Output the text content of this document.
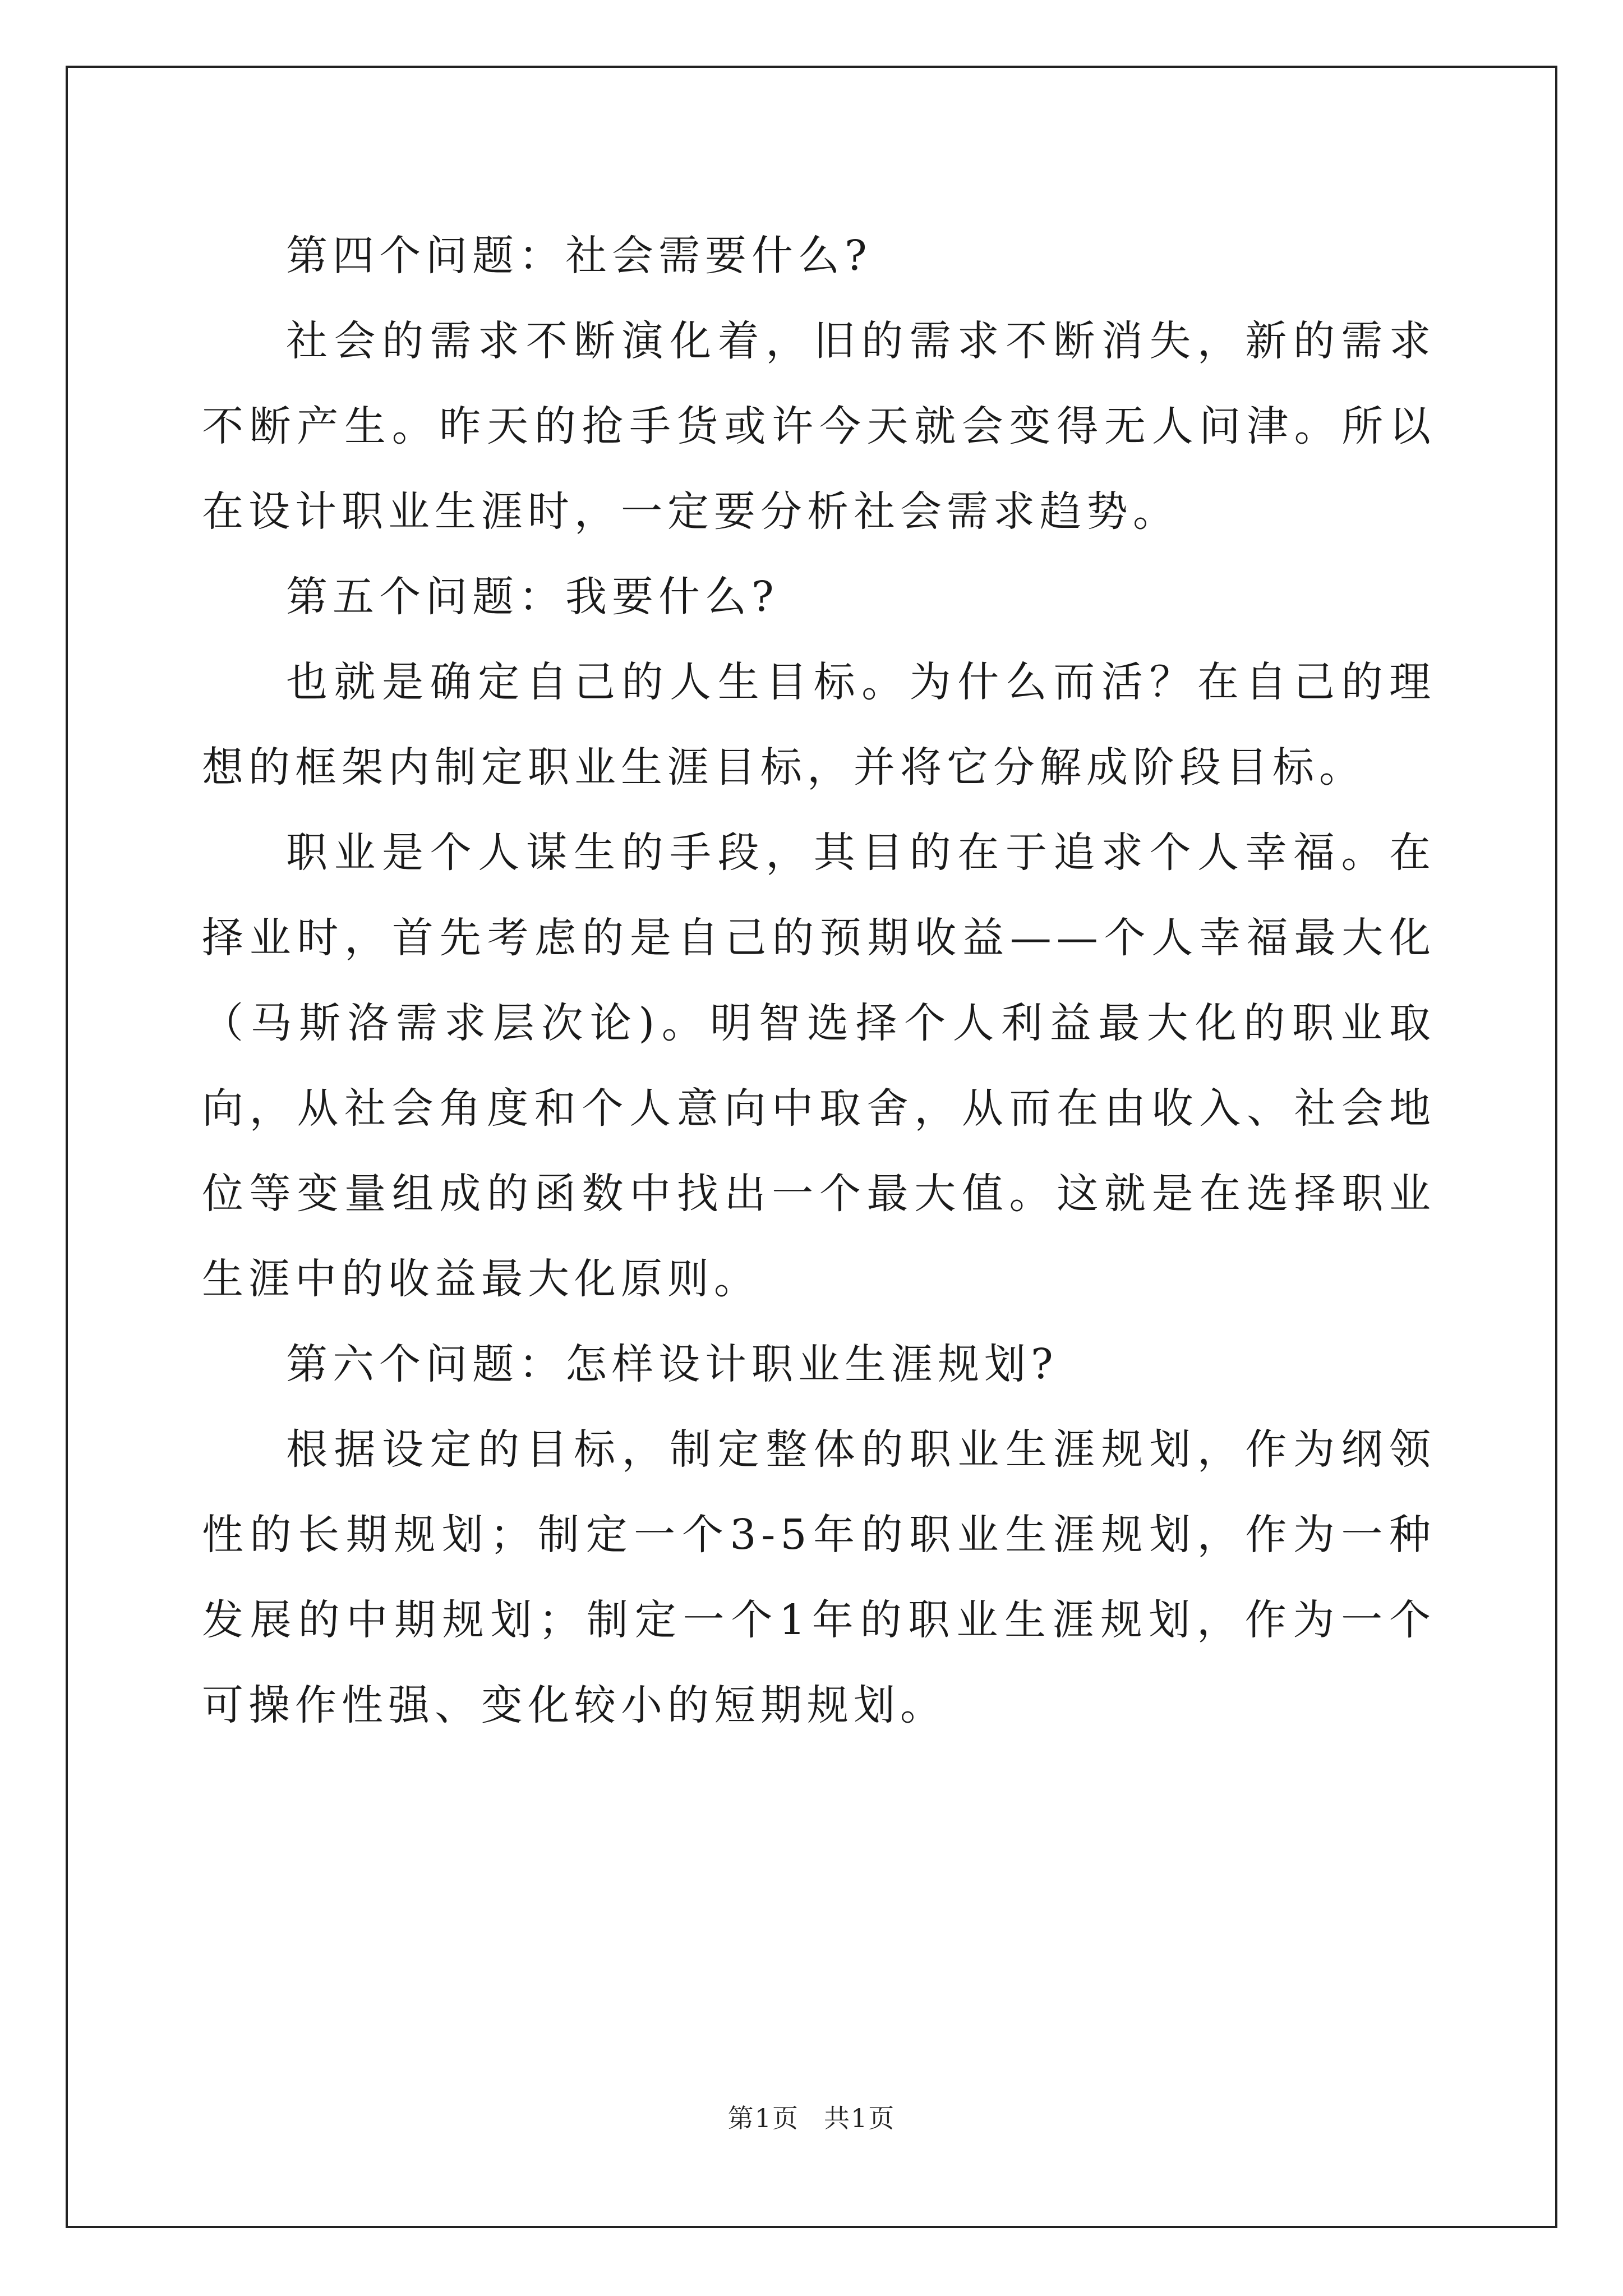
第四个问题：社会需要什么?

社会的需求不断演化着，旧的需求不断消失，新的需求不断产生。昨天的抢手货或许今天就会变得无人问津。所以在设计职业生涯时，一定要分析社会需求趋势。

第五个问题：我要什么?

也就是确定自己的人生目标。为什么而活？在自己的理想的框架内制定职业生涯目标，并将它分解成阶段目标。

职业是个人谋生的手段，其目的在于追求个人幸福。在择业时，首先考虑的是自己的预期收益——个人幸福最大化（马斯洛需求层次论)。明智选择个人利益最大化的职业取向，从社会角度和个人意向中取舍，从而在由收入、社会地位等变量组成的函数中找出一个最大值。这就是在选择职业生涯中的收益最大化原则。

第六个问题：怎样设计职业生涯规划?

根据设定的目标，制定整体的职业生涯规划，作为纲领性的长期规划；制定一个3-5年的职业生涯规划，作为一种发展的中期规划；制定一个1年的职业生涯规划，作为一个可操作性强、变化较小的短期规划。

第1页 共1页
